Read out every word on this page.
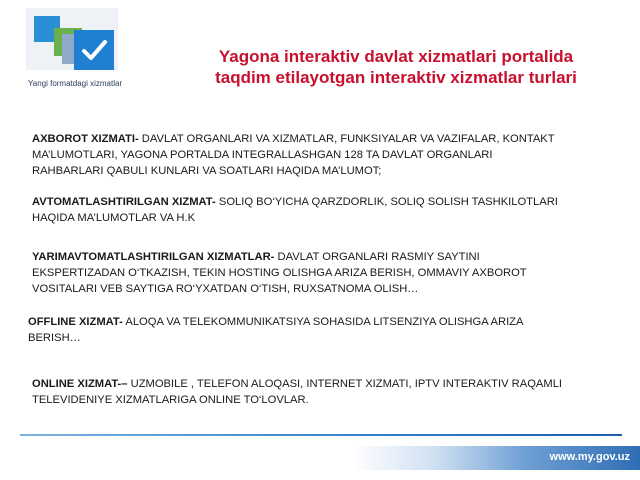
Yangi formatdagi xizmatlar
Yagona interaktiv davlat xizmatlari portalida
taqdim etilayotgan interaktiv xizmatlar turlari
AXBOROT XIZMATI- DAVLAT ORGANLARI VA XIZMATLAR, FUNKSIYALAR VA VAZIFALAR, KONTAKT
MA’LUMOTLARI, YAGONA PORTALDA INTEGRALLASHGAN 128 TA DAVLAT ORGANLARI
RAHBARLARI QABULI KUNLARI VA SOATLARI HAQIDA MA’LUMOT;
AVTOMATLASHTIRILGAN XIZMAT- SOLIQ BO‘YICHA QARZDORLIK, SOLIQ SOLISH TASHKILOTLARI
HAQIDA MA’LUMOTLAR VA H.K
YARIMAVTOMATLASHTIRILGAN XIZMATLAR- DAVLAT ORGANLARI RASMIY SAYTINI
EKSPERTIZADAN O‘TKAZISH, TEKIN HOSTING OLISHGA ARIZA BERISH, OMMAVIY AXBOROT
VOSITALARI VEB SAYTIGA RO‘YXATDAN O‘TISH, RUXSATNOMA OLISH…
OFFLINE XIZMAT- ALOQA VA TELEKOMMUNIKATSIYA SOHASIDA LITSENZIYA OLISHGA ARIZA
BERISH…
ONLINE XIZMAT-– UZMOBILE , TELEFON ALOQASI, INTERNET XIZMATI, IPTV INTERAKTIV RAQAMLI
TELEVIDENIYE XIZMATLARIGA ONLINE TO‘LOVLAR.
www.my.gov.uz
